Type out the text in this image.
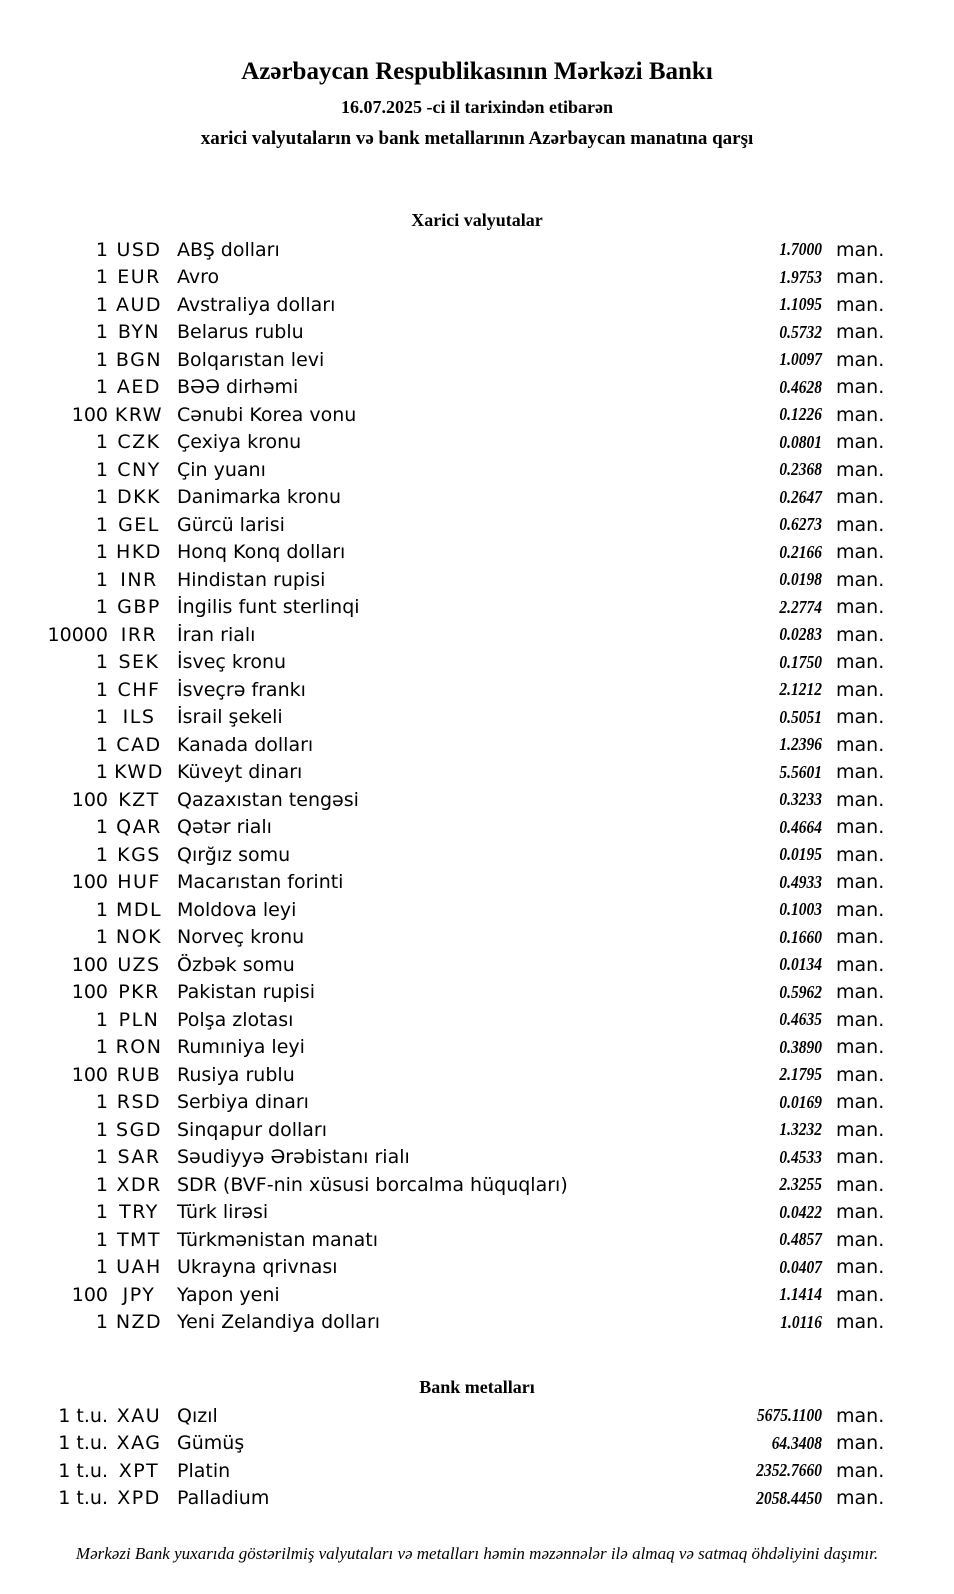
Azərbaycan Respublikasının Mərkəzi Bankı
16.07.2025 -ci il tarixindən etibarən
xarici valyutaların və bank metallarının Azərbaycan manatına qarşı
Xarici valyutalar
1 USD ABŞ dolları	1.7000 man.
1 EUR Avro	1.9753 man.
1 AUD Avstraliya dolları	1.1095 man.
1 BYN Belarus rublu	0.5732 man.
1 BGN Bolqarıstan levi	1.0097 man.
1 AED BƏƏ dirhəmi	0.4628 man.
100 KRW Cənubi Korea vonu	0.1226 man.
1 CZK Çexiya kronu	0.0801 man.
1 CNY Çin yuanı	0.2368 man.
1 DKK Danimarka kronu	0.2647 man.
1 GEL Gürcü larisi	0.6273 man.
1 HKD Honq Konq dolları	0.2166 man.
1 INR	Hindistan rupisi	0.0198 man.
1 GBP İngilis funt sterlinqi	2.2774 man.
10000 IRR	İran rialı	0.0283 man.
1 SEK İsveç kronu	0.1750 man.
1 CHF İsveçrə frankı	2.1212 man.
1 ILS	İsrail şekeli	0.5051 man.
1 CAD Kanada dolları	1.2396 man.
1 KWD Küveyt dinarı	5.5601 man.
100 KZT Qazaxıstan tengəsi	0.3233 man.
1 QAR Qətər rialı	0.4664 man.
1 KGS Qırğız somu	0.0195 man.
100 HUF Macarıstan forinti	0.4933 man.
1 MDL Moldova leyi	0.1003 man.
1 NOK Norveç kronu	0.1660 man.
100 UZS Özbək somu	0.0134 man.
100 PKR Pakistan rupisi	0.5962 man.
1 PLN Polşa zlotası	0.4635 man.
1 RON Rumıniya leyi	0.3890 man.
100 RUB Rusiya rublu	2.1795 man.
1 RSD Serbiya dinarı	0.0169 man.
1 SGD Sinqapur dolları	1.3232 man.
1 SAR Səudiyyə Ərəbistanı rialı	0.4533 man.
1 XDR SDR (BVF-nin xüsusi borcalma hüquqları)	2.3255 man.
1 TRY Türk lirəsi	0.0422 man.
1 TMT Türkmənistan manatı	0.4857 man.
1 UAH Ukrayna qrivnası	0.0407 man.
100 JPY	Yapon yeni	1.1414 man.
1 NZD Yeni Zelandiya dolları	1.0116 man.
Bank metalları
1 t.u. XAU Qızıl	5675.1100 man.
1 t.u. XAG Gümüş	64.3408 man.
1 t.u. XPT Platin	2352.7660 man.
1 t.u. XPD Palladium	2058.4450 man.
Mərkəzi Bank yuxarıda göstərilmiş valyutaları və metalları həmin məzənnələr ilə almaq və satmaq öhdəliyini daşımır.
